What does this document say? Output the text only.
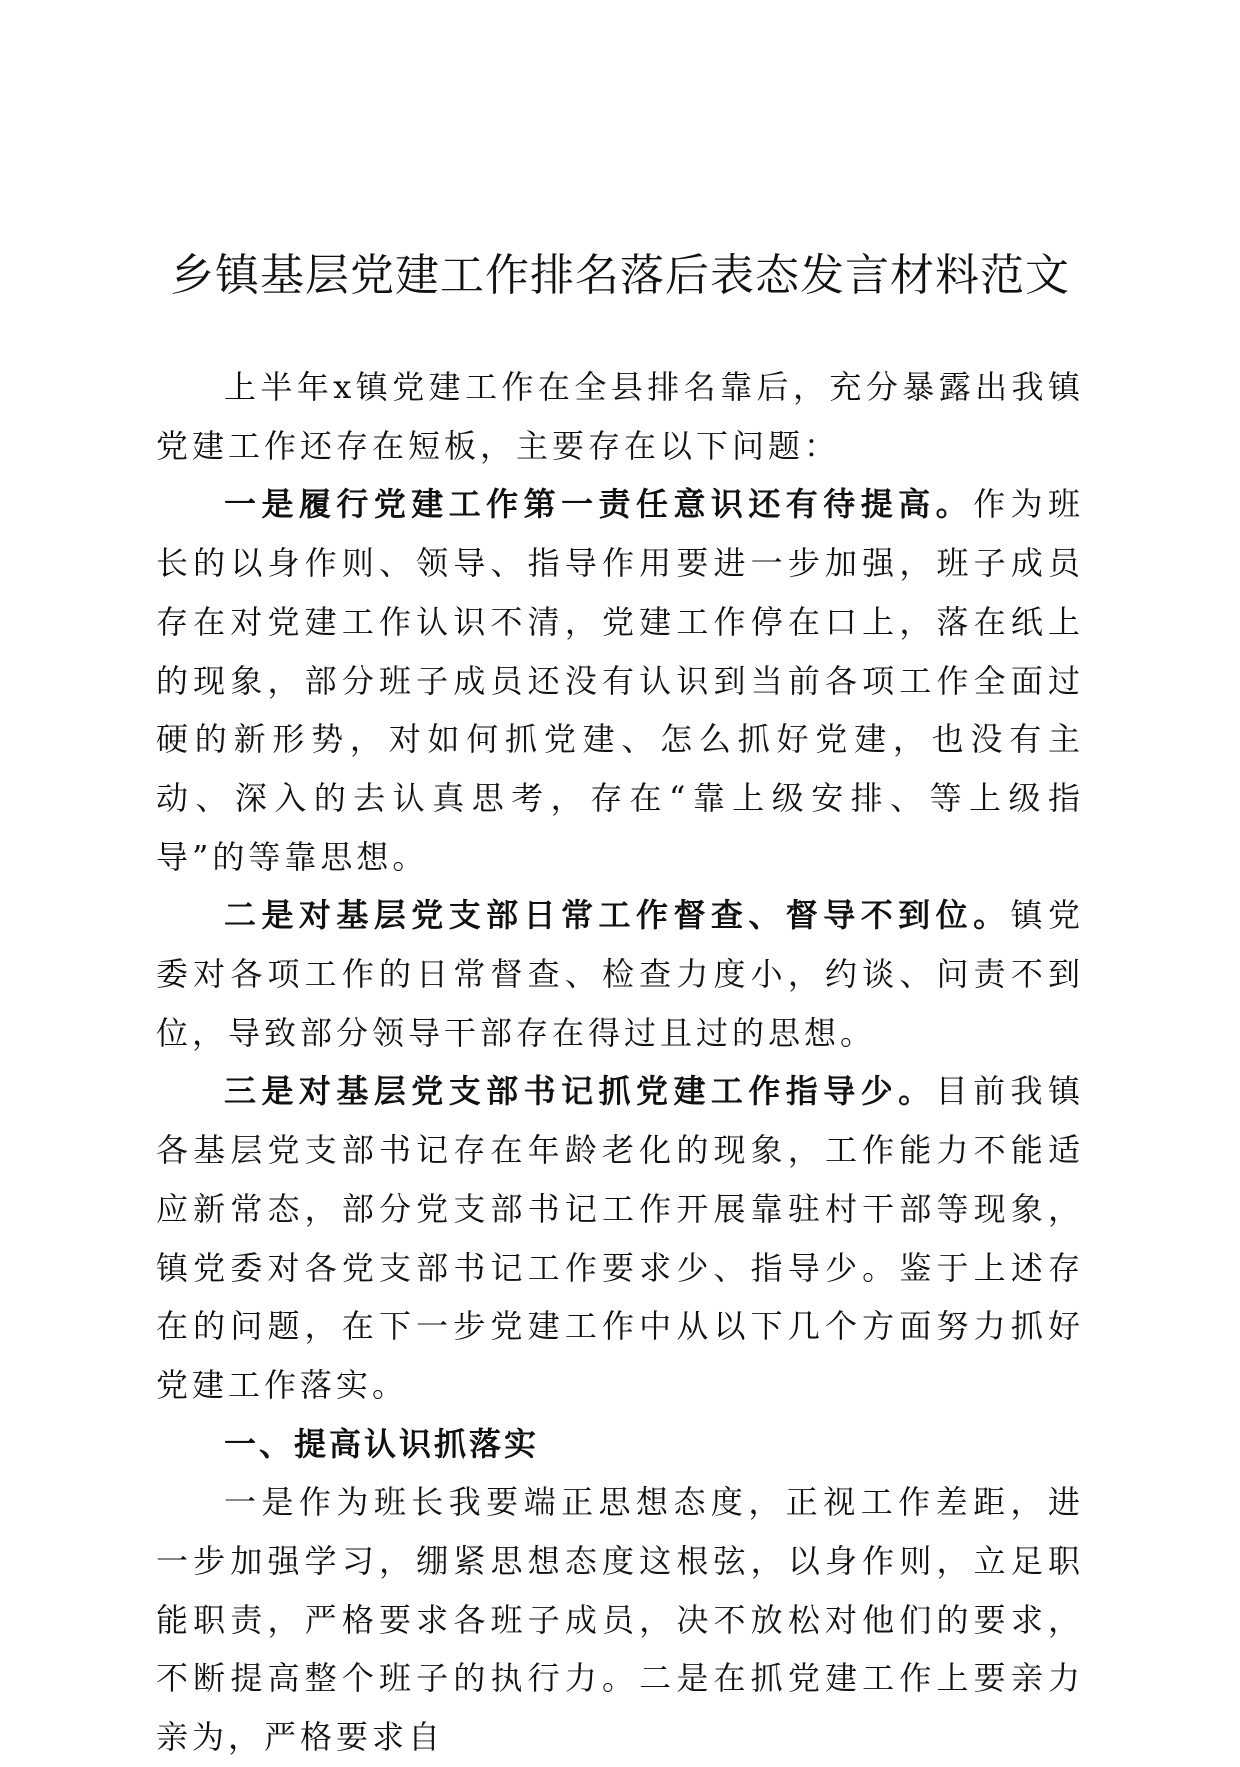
乡镇基层党建工作排名落后表态发言材料范文

上半年x镇党建工作在全县排名靠后，充分暴露出我镇党建工作还存在短板，主要存在以下问题：

一是履行党建工作第一责任意识还有待提高。作为班长的以身作则、领导、指导作用要进一步加强，班子成员存在对党建工作认识不清，党建工作停在口上，落在纸上的现象，部分班子成员还没有认识到当前各项工作全面过硬的新形势，对如何抓党建、怎么抓好党建，也没有主动、深入的去认真思考，存在“靠上级安排、等上级指导”的等靠思想。

二是对基层党支部日常工作督查、督导不到位。镇党委对各项工作的日常督查、检查力度小，约谈、问责不到位，导致部分领导干部存在得过且过的思想。

三是对基层党支部书记抓党建工作指导少。目前我镇各基层党支部书记存在年龄老化的现象，工作能力不能适应新常态，部分党支部书记工作开展靠驻村干部等现象，镇党委对各党支部书记工作要求少、指导少。鉴于上述存在的问题，在下一步党建工作中从以下几个方面努力抓好党建工作落实。

一、提高认识抓落实

一是作为班长我要端正思想态度，正视工作差距，进一步加强学习，绷紧思想态度这根弦，以身作则，立足职能职责，严格要求各班子成员，决不放松对他们的要求，不断提高整个班子的执行力。二是在抓党建工作上要亲力亲为，严格要求自
